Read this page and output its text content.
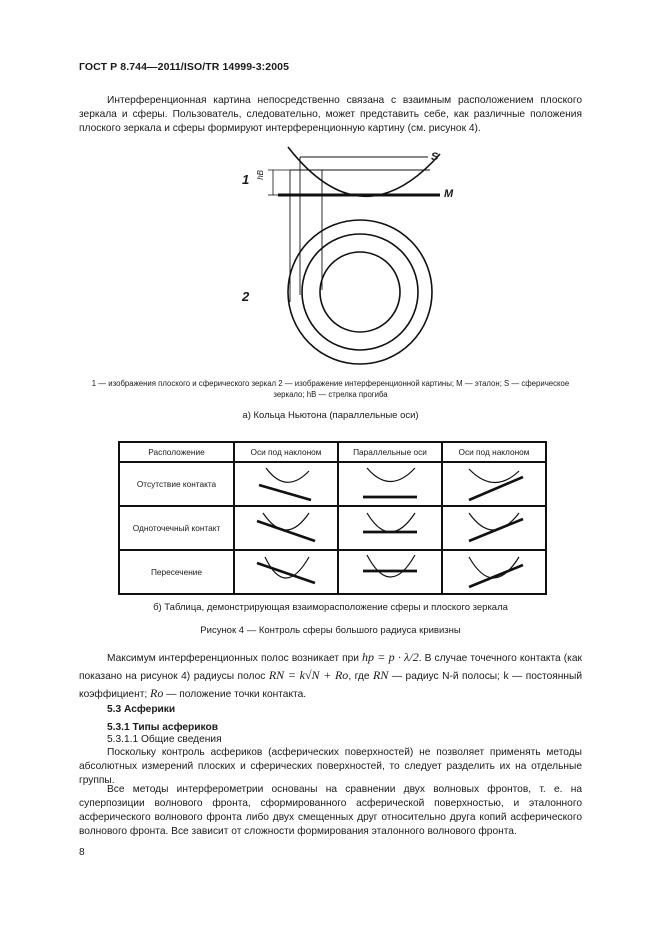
ГОСТ Р 8.744—2011/ISO/TR 14999-3:2005
Интерференционная картина непосредственно связана с взаимным расположением плоского зеркала и сферы. Пользователь, следовательно, может представить себе, как различные положения плоского зеркала и сферы формируют интерференционную картину (см. рисунок 4).
1 hB
S
M
2
1 — изображения плоского и сферического зеркал 2 — изображение интерференционной картины; M — эталон; S — сферическое зеркало; hB — стрелка прогиба
а) Кольца Ньютона (параллельные оси)
Расположение	Оси под наклоном	Параллельные оси	Оси под наклоном
Отсутствие контакта	

Одноточечный контакт	

Пересечение	

б) Таблица, демонстрирующая взаиморасположение сферы и плоского зеркала
Рисунок 4 — Контроль сферы большого радиуса кривизны
Максимум интерференционных полос возникает при hp = p · λ/2. В случае точечного контакта (как показано на рисунок 4) радиусы полос RN = k√N + Ro, где RN — радиус N-й полосы; k — постоянный коэффициент; Ro — положение точки контакта.
5.3 Асферики
5.3.1 Типы асфериков
5.3.1.1 Общие сведения
Поскольку контроль асфериков (асферических поверхностей) не позволяет применять методы абсолютных измерений плоских и сферических поверхностей, то следует разделить их на отдельные группы.
Все методы интерферометрии основаны на сравнении двух волновых фронтов, т. е. на суперпозиции волнового фронта, сформированного асферической поверхностью, и эталонного асферического волнового фронта либо двух смещенных друг относительно друга копий асферического волнового фронта. Все зависит от сложности формирования эталонного волнового фронта.
8
